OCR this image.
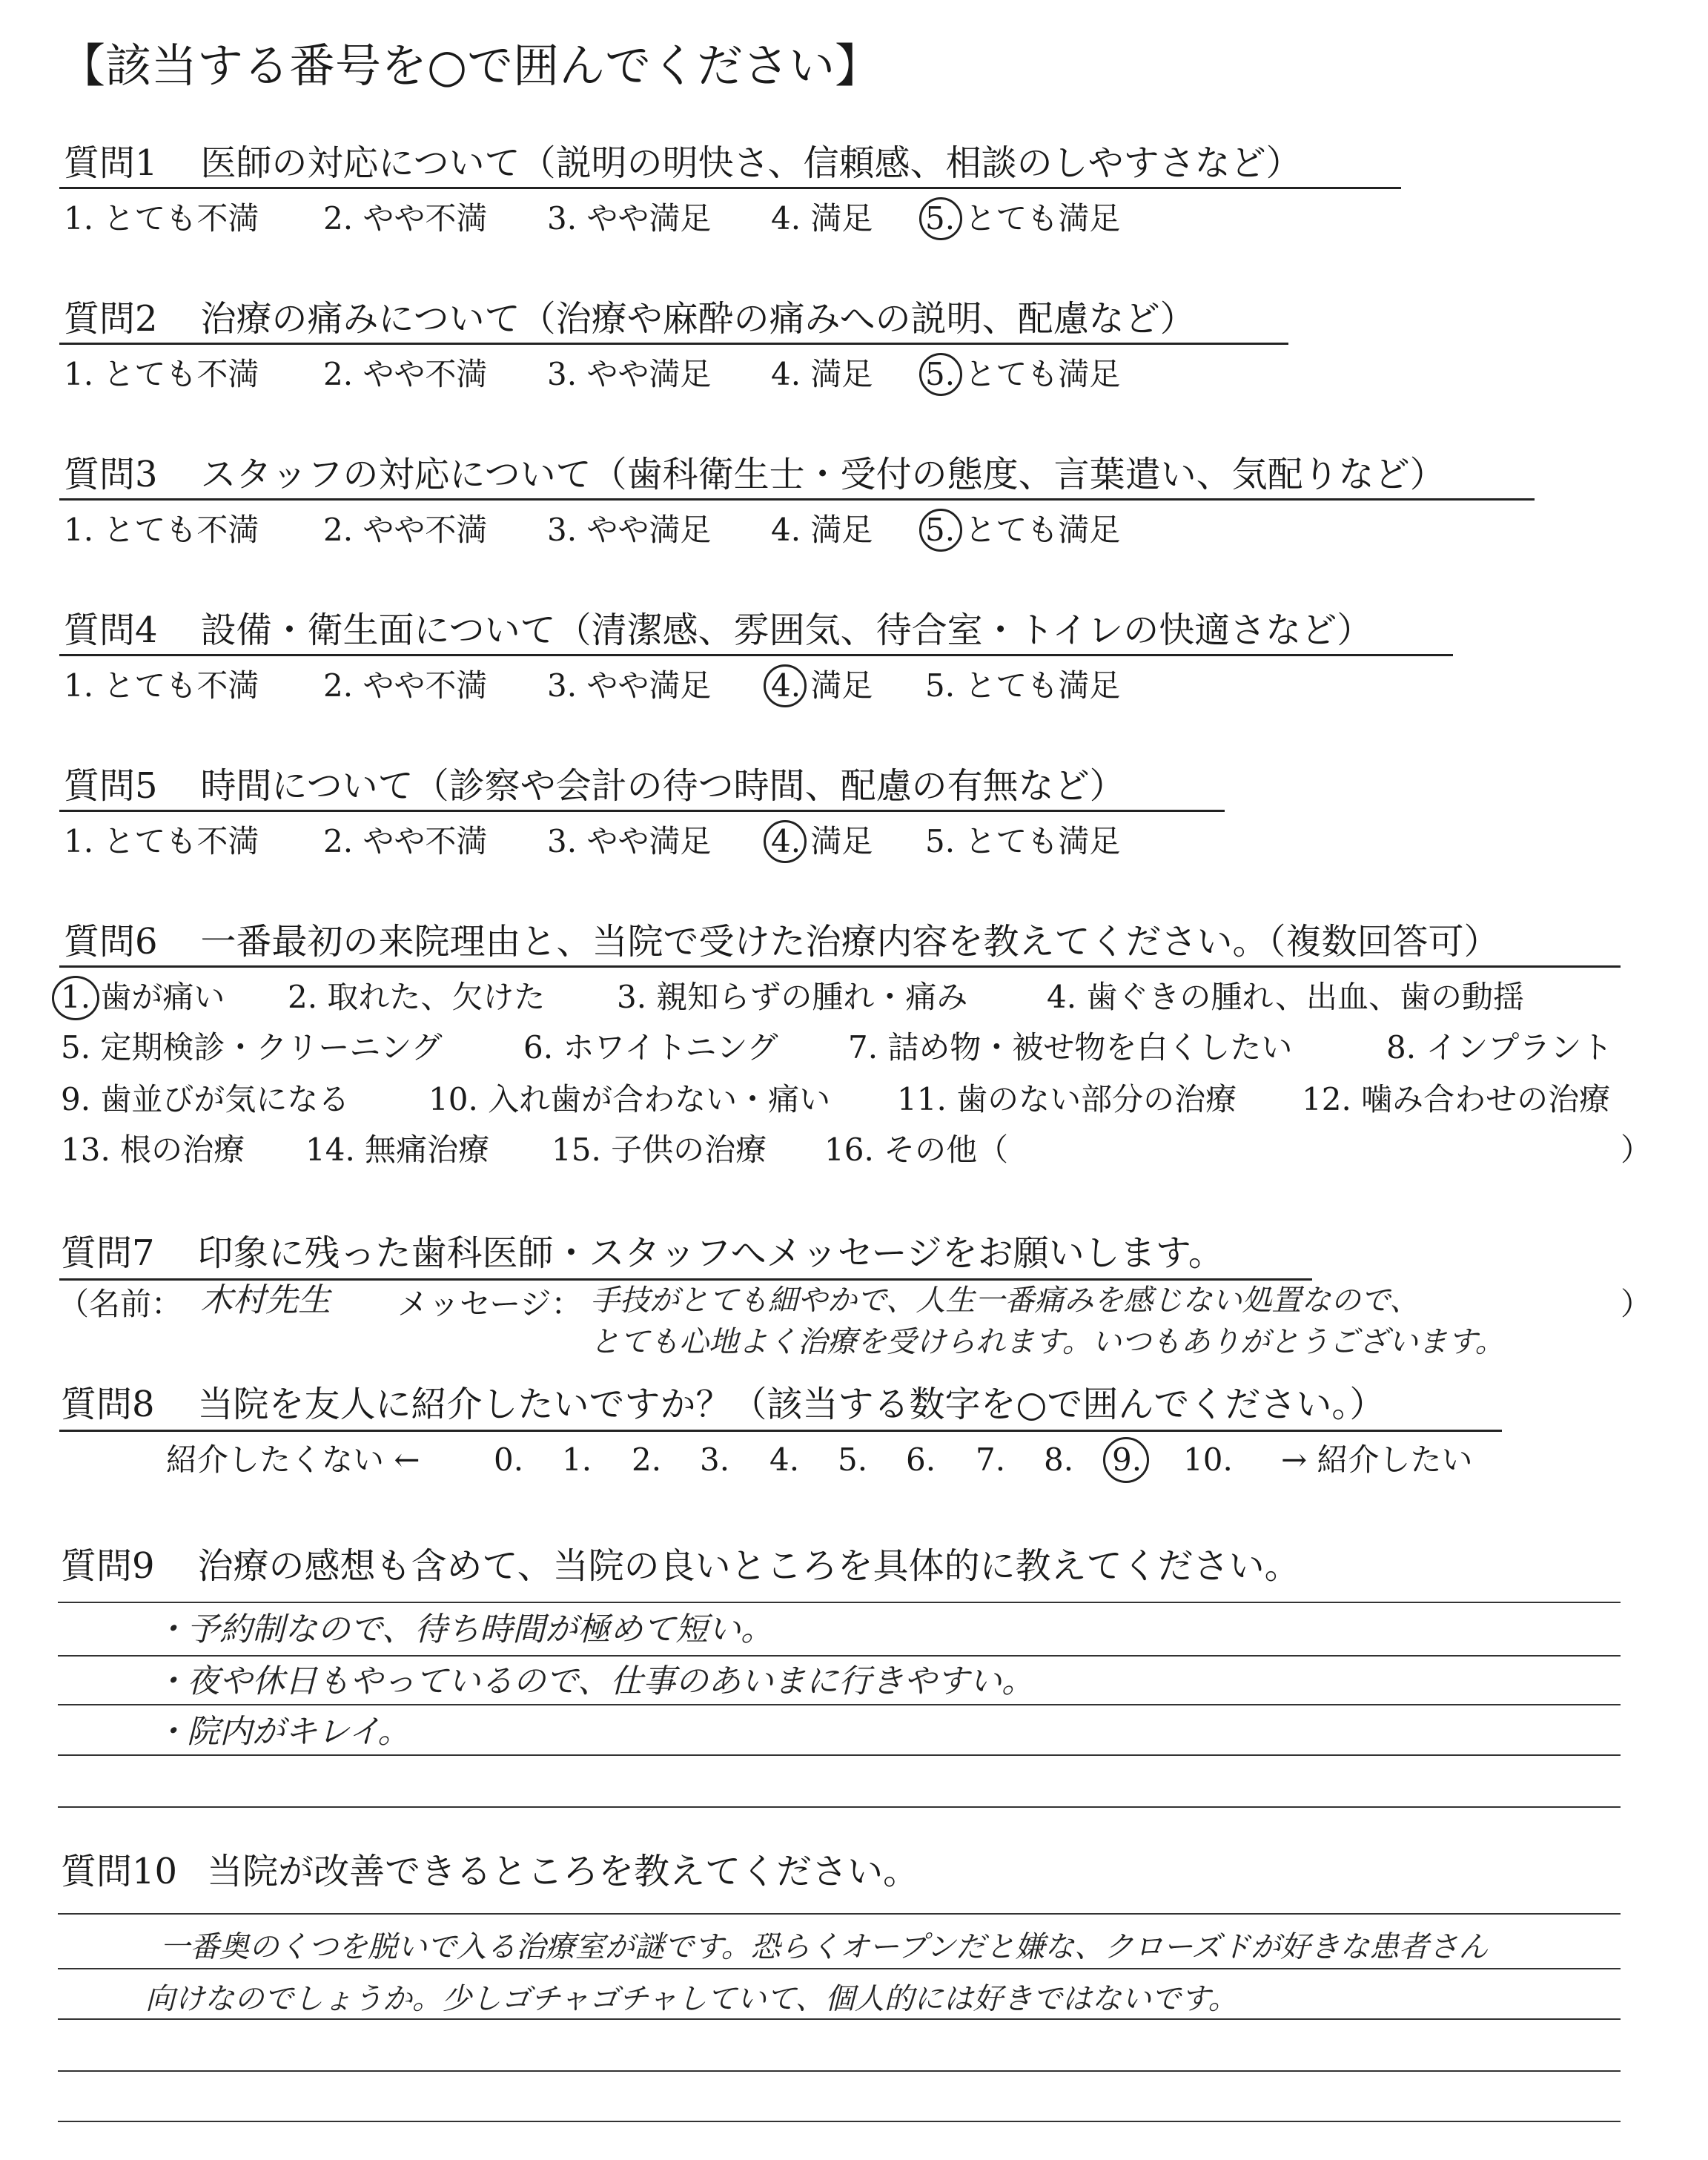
【該当する番号を○で囲んでください】
質問1 医師の対応について（説明の明快さ、信頼感、相談のしやすさなど）
1. とても不満 2. やや不満 3. やや満足 4. 満足 5. とても満足
質問2 治療の痛みについて（治療や麻酔の痛みへの説明、配慮など）
1. とても不満 2. やや不満 3. やや満足 4. 満足 5. とても満足
質問3 スタッフの対応について（歯科衛生士・受付の態度、言葉遣い、気配りなど）
1. とても不満 2. やや不満 3. やや満足 4. 満足 5. とても満足
質問4 設備・衛生面について（清潔感、雰囲気、待合室・トイレの快適さなど）
1. とても不満 2. やや不満 3. やや満足 4. 満足 5. とても満足
質問5 時間について（診察や会計の待つ時間、配慮の有無など）
1. とても不満 2. やや不満 3. やや満足 4. 満足 5. とても満足
質問6 一番最初の来院理由と、当院で受けた治療内容を教えてください。（複数回答可）
1. 歯が痛い 2. 取れた、欠けた 3. 親知らずの腫れ・痛み	4. 歯ぐきの腫れ、出血、歯の動揺
5. 定期検診・クリーニング	6. ホワイトニング 7. 詰め物・被せ物を白くしたい	8. インプラント
9. 歯並びが気になる	10. 入れ歯が合わない・痛い 11. 歯のない部分の治療 12. 噛み合わせの治療
13. 根の治療 14. 無痛治療 15. 子供の治療 16. その他（	）
質問7 印象に残った歯科医師・スタッフへメッセージをお願いします。
（名前： 木村先生 メッセージ： 手技がとても細やかで、人生一番痛みを感じない処置なので、
とても心地よく治療を受けられます。いつもありがとうございます。
）
質問8 当院を友人に紹介したいですか？（該当する数字を○で囲んでください。）
紹介したくない ← 0. 1. 2. 3. 4. 5. 6. 7. 8. 9. 10. → 紹介したい
質問9 治療の感想も含めて、当院の良いところを具体的に教えてください。
・予約制なので、待ち時間が極めて短い。
・夜や休日もやっているので、仕事のあいまに行きやすい。
・院内がキレイ。
質問10 当院が改善できるところを教えてください。
一番奥のくつを脱いで入る治療室が謎です。恐らくオープンだと嫌な、クローズドが好きな患者さん
向けなのでしょうか。少しゴチャゴチャしていて、個人的には好きではないです。
